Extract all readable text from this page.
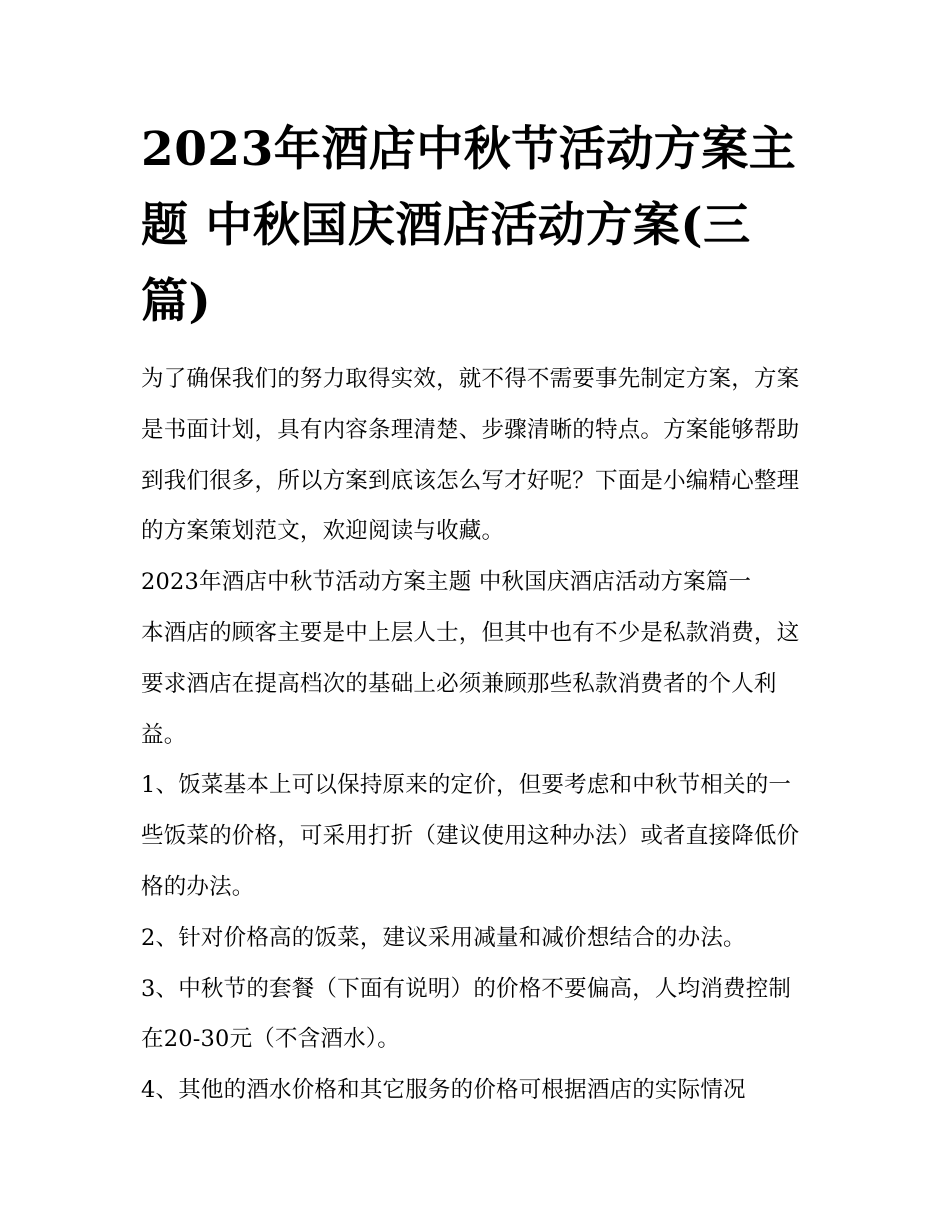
2023年酒店中秋节活动方案主题 中秋国庆酒店活动方案(三篇)

为了确保我们的努力取得实效，就不得不需要事先制定方案，方案是书面计划，具有内容条理清楚、步骤清晰的特点。方案能够帮助到我们很多，所以方案到底该怎么写才好呢？下面是小编精心整理的方案策划范文，欢迎阅读与收藏。

2023年酒店中秋节活动方案主题 中秋国庆酒店活动方案篇一

本酒店的顾客主要是中上层人士，但其中也有不少是私款消费，这要求酒店在提高档次的基础上必须兼顾那些私款消费者的个人利益。

1、饭菜基本上可以保持原来的定价，但要考虑和中秋节相关的一些饭菜的价格，可采用打折（建议使用这种办法）或者直接降低价格的办法。

2、针对价格高的饭菜，建议采用减量和减价想结合的办法。

3、中秋节的套餐（下面有说明）的价格不要偏高，人均消费控制在20-30元（不含酒水）。

4、其他的酒水价格和其它服务的价格可根据酒店的实际情况
